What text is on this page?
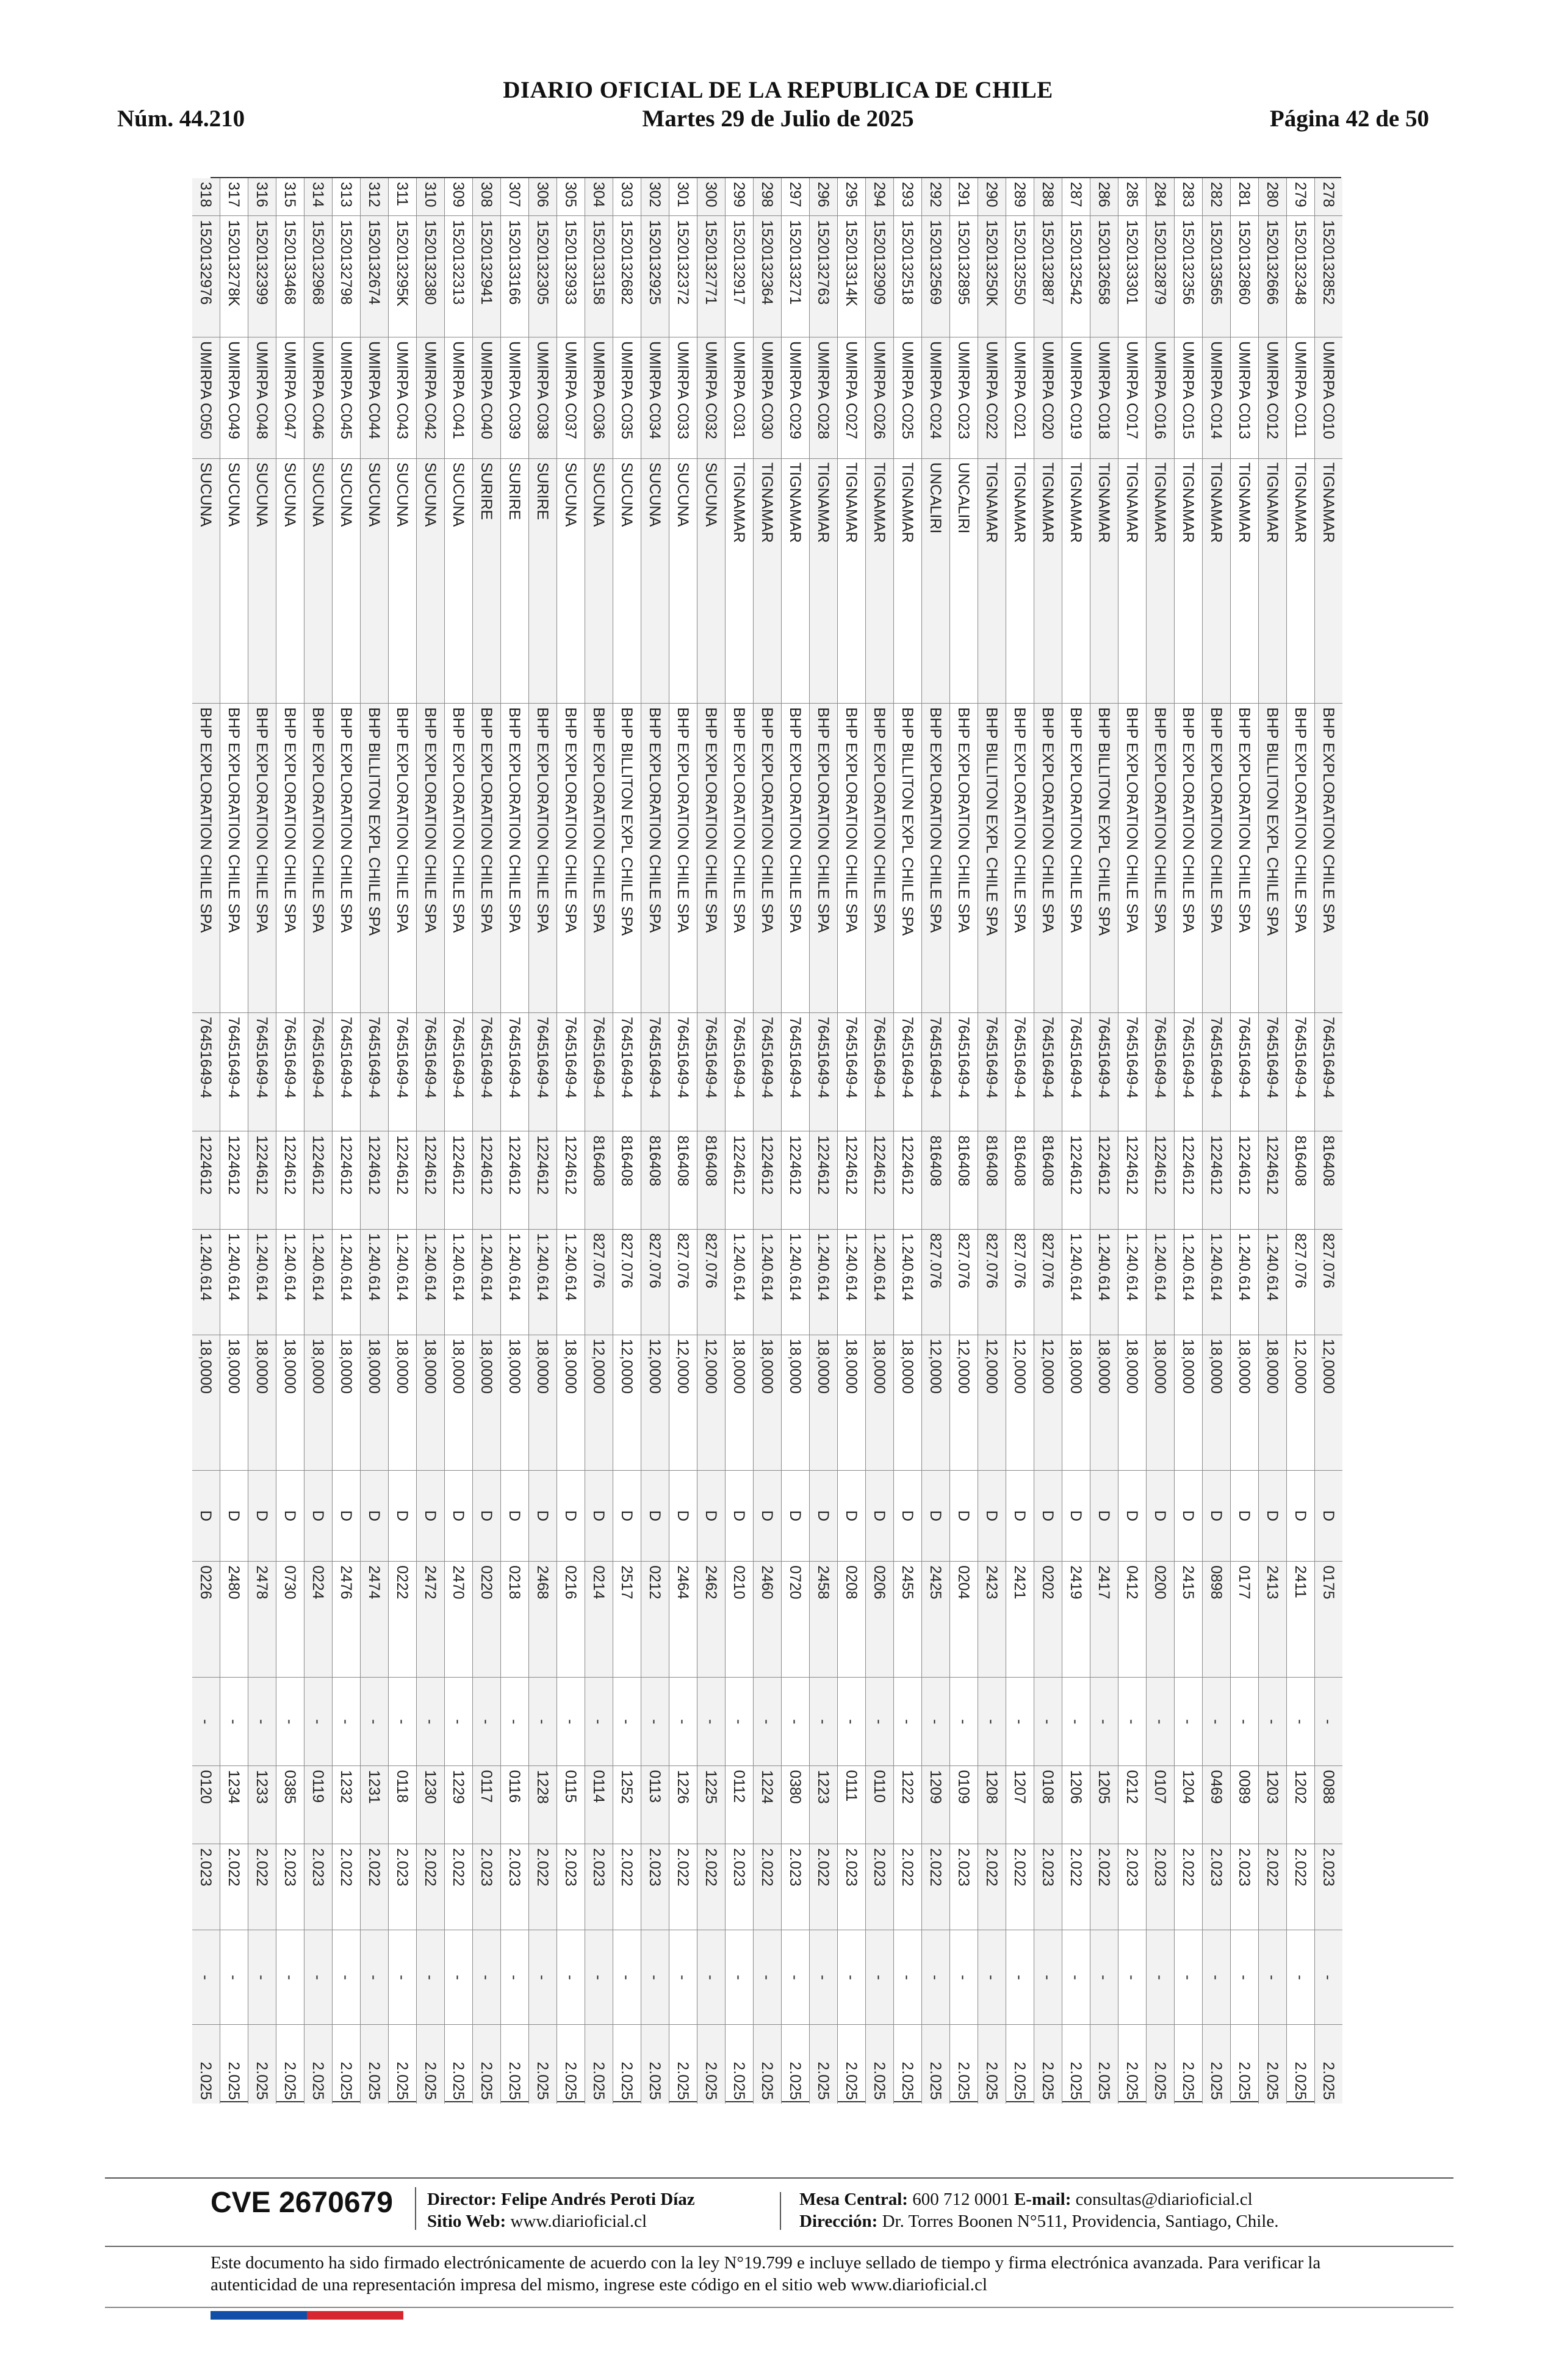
DIARIO OFICIAL DE LA REPUBLICA DE CHILE
Núm. 44.210	Martes 29 de Julio de 2025	Página 42 de 50
278	1520132852	UMIRPA C010	TIGNAMAR	BHP EXPLORATION CHILE SPA	76451649-4	816408	827.076	12,0000	D	0175	-	0088	2.023	-	2.025
279	1520132348	UMIRPA C011	TIGNAMAR	BHP EXPLORATION CHILE SPA	76451649-4	816408	827.076	12,0000	D	2411	-	1202	2.022	-	2.025
280	1520132666	UMIRPA C012	TIGNAMAR	BHP BILLITON EXPL CHILE SPA	76451649-4	1224612	1.240.614	18,0000	D	2413	-	1203	2.022	-	2.025
281	1520132860	UMIRPA C013	TIGNAMAR	BHP EXPLORATION CHILE SPA	76451649-4	1224612	1.240.614	18,0000	D	0177	-	0089	2.023	-	2.025
282	1520133565	UMIRPA C014	TIGNAMAR	BHP EXPLORATION CHILE SPA	76451649-4	1224612	1.240.614	18,0000	D	0898	-	0469	2.023	-	2.025
283	1520132356	UMIRPA C015	TIGNAMAR	BHP EXPLORATION CHILE SPA	76451649-4	1224612	1.240.614	18,0000	D	2415	-	1204	2.022	-	2.025
284	1520132879	UMIRPA C016	TIGNAMAR	BHP EXPLORATION CHILE SPA	76451649-4	1224612	1.240.614	18,0000	D	0200	-	0107	2.023	-	2.025
285	1520133301	UMIRPA C017	TIGNAMAR	BHP EXPLORATION CHILE SPA	76451649-4	1224612	1.240.614	18,0000	D	0412	-	0212	2.023	-	2.025
286	1520132658	UMIRPA C018	TIGNAMAR	BHP BILLITON EXPL CHILE SPA	76451649-4	1224612	1.240.614	18,0000	D	2417	-	1205	2.022	-	2.025
287	1520132542	UMIRPA C019	TIGNAMAR	BHP EXPLORATION CHILE SPA	76451649-4	1224612	1.240.614	18,0000	D	2419	-	1206	2.022	-	2.025
288	1520132887	UMIRPA C020	TIGNAMAR	BHP EXPLORATION CHILE SPA	76451649-4	816408	827.076	12,0000	D	0202	-	0108	2.023	-	2.025
289	1520132550	UMIRPA C021	TIGNAMAR	BHP EXPLORATION CHILE SPA	76451649-4	816408	827.076	12,0000	D	2421	-	1207	2.022	-	2.025
290	152013250K	UMIRPA C022	TIGNAMAR	BHP BILLITON EXPL CHILE SPA	76451649-4	816408	827.076	12,0000	D	2423	-	1208	2.022	-	2.025
291	1520132895	UMIRPA C023	UNCALIRI	BHP EXPLORATION CHILE SPA	76451649-4	816408	827.076	12,0000	D	0204	-	0109	2.023	-	2.025
292	1520132569	UMIRPA C024	UNCALIRI	BHP EXPLORATION CHILE SPA	76451649-4	816408	827.076	12,0000	D	2425	-	1209	2.022	-	2.025
293	1520132518	UMIRPA C025	TIGNAMAR	BHP BILLITON EXPL CHILE SPA	76451649-4	1224612	1.240.614	18,0000	D	2455	-	1222	2.022	-	2.025
294	1520132909	UMIRPA C026	TIGNAMAR	BHP EXPLORATION CHILE SPA	76451649-4	1224612	1.240.614	18,0000	D	0206	-	0110	2.023	-	2.025
295	152013314K	UMIRPA C027	TIGNAMAR	BHP EXPLORATION CHILE SPA	76451649-4	1224612	1.240.614	18,0000	D	0208	-	0111	2.023	-	2.025
296	1520132763	UMIRPA C028	TIGNAMAR	BHP EXPLORATION CHILE SPA	76451649-4	1224612	1.240.614	18,0000	D	2458	-	1223	2.022	-	2.025
297	1520133271	UMIRPA C029	TIGNAMAR	BHP EXPLORATION CHILE SPA	76451649-4	1224612	1.240.614	18,0000	D	0720	-	0380	2.023	-	2.025
298	1520132364	UMIRPA C030	TIGNAMAR	BHP EXPLORATION CHILE SPA	76451649-4	1224612	1.240.614	18,0000	D	2460	-	1224	2.022	-	2.025
299	1520132917	UMIRPA C031	TIGNAMAR	BHP EXPLORATION CHILE SPA	76451649-4	1224612	1.240.614	18,0000	D	0210	-	0112	2.023	-	2.025
300	1520132771	UMIRPA C032	SUCUNA	BHP EXPLORATION CHILE SPA	76451649-4	816408	827.076	12,0000	D	2462	-	1225	2.022	-	2.025
301	1520132372	UMIRPA C033	SUCUNA	BHP EXPLORATION CHILE SPA	76451649-4	816408	827.076	12,0000	D	2464	-	1226	2.022	-	2.025
302	1520132925	UMIRPA C034	SUCUNA	BHP EXPLORATION CHILE SPA	76451649-4	816408	827.076	12,0000	D	0212	-	0113	2.023	-	2.025
303	1520132682	UMIRPA C035	SUCUNA	BHP BILLITON EXPL CHILE SPA	76451649-4	816408	827.076	12,0000	D	2517	-	1252	2.022	-	2.025
304	1520133158	UMIRPA C036	SUCUNA	BHP EXPLORATION CHILE SPA	76451649-4	816408	827.076	12,0000	D	0214	-	0114	2.023	-	2.025
305	1520132933	UMIRPA C037	SUCUNA	BHP EXPLORATION CHILE SPA	76451649-4	1224612	1.240.614	18,0000	D	0216	-	0115	2.023	-	2.025
306	1520132305	UMIRPA C038	SURIRE	BHP EXPLORATION CHILE SPA	76451649-4	1224612	1.240.614	18,0000	D	2468	-	1228	2.022	-	2.025
307	1520133166	UMIRPA C039	SURIRE	BHP EXPLORATION CHILE SPA	76451649-4	1224612	1.240.614	18,0000	D	0218	-	0116	2.023	-	2.025
308	1520132941	UMIRPA C040	SURIRE	BHP EXPLORATION CHILE SPA	76451649-4	1224612	1.240.614	18,0000	D	0220	-	0117	2.023	-	2.025
309	1520132313	UMIRPA C041	SUCUNA	BHP EXPLORATION CHILE SPA	76451649-4	1224612	1.240.614	18,0000	D	2470	-	1229	2.022	-	2.025
310	1520132380	UMIRPA C042	SUCUNA	BHP EXPLORATION CHILE SPA	76451649-4	1224612	1.240.614	18,0000	D	2472	-	1230	2.022	-	2.025
311	152013295K	UMIRPA C043	SUCUNA	BHP EXPLORATION CHILE SPA	76451649-4	1224612	1.240.614	18,0000	D	0222	-	0118	2.023	-	2.025
312	1520132674	UMIRPA C044	SUCUNA	BHP BILLITON EXPL CHILE SPA	76451649-4	1224612	1.240.614	18,0000	D	2474	-	1231	2.022	-	2.025
313	1520132798	UMIRPA C045	SUCUNA	BHP EXPLORATION CHILE SPA	76451649-4	1224612	1.240.614	18,0000	D	2476	-	1232	2.022	-	2.025
314	1520132968	UMIRPA C046	SUCUNA	BHP EXPLORATION CHILE SPA	76451649-4	1224612	1.240.614	18,0000	D	0224	-	0119	2.023	-	2.025
315	1520133468	UMIRPA C047	SUCUNA	BHP EXPLORATION CHILE SPA	76451649-4	1224612	1.240.614	18,0000	D	0730	-	0385	2.023	-	2.025
316	1520132399	UMIRPA C048	SUCUNA	BHP EXPLORATION CHILE SPA	76451649-4	1224612	1.240.614	18,0000	D	2478	-	1233	2.022	-	2.025
317	152013278K	UMIRPA C049	SUCUNA	BHP EXPLORATION CHILE SPA	76451649-4	1224612	1.240.614	18,0000	D	2480	-	1234	2.022	-	2.025
318	1520132976	UMIRPA C050	SUCUNA	BHP EXPLORATION CHILE SPA	76451649-4	1224612	1.240.614	18,0000	D	0226	-	0120	2.023	-	2.025
CVE 2670679 Director: Felipe Andrés Peroti Díaz
Sitio Web: www.diarioficial.cl
Mesa Central: 600 712 0001 E-mail: consultas@diarioficial.cl
Dirección: Dr. Torres Boonen N°511, Providencia, Santiago, Chile.
Este documento ha sido firmado electrónicamente de acuerdo con la ley N°19.799 e incluye sellado de tiempo y firma electrónica avanzada. Para verificar la autenticidad de una representación impresa del mismo, ingrese este código en el sitio web www.diarioficial.cl
